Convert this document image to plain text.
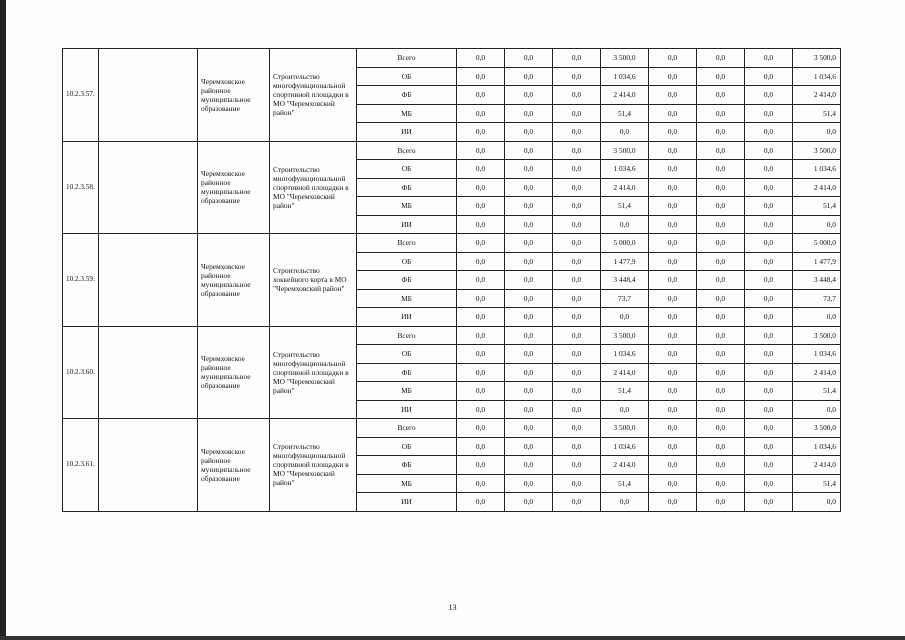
10.2.3.57.		Черемховское районное муниципальное образование	Строительство многофункциональной спортивной площадки в МО "Черемховский район"	Всего	0,0	0,0	0,0	3 500,0	0,0	0,0	0,0	3 500,0
				ОБ	0,0	0,0	0,0	1 034,6	0,0	0,0	0,0	1 034,6
				ФБ	0,0	0,0	0,0	2 414,0	0,0	0,0	0,0	2 414,0
				МБ	0,0	0,0	0,0	51,4	0,0	0,0	0,0	51,4
				ИИ	0,0	0,0	0,0	0,0	0,0	0,0	0,0	0,0
10.2.3.58.		Черемховское районное муниципальное образование	Строительство многофункциональной спортивной площадки в МО "Черемховский район"	Всего	0,0	0,0	0,0	3 500,0	0,0	0,0	0,0	3 500,0
				ОБ	0,0	0,0	0,0	1 034,6	0,0	0,0	0,0	1 034,6
				ФБ	0,0	0,0	0,0	2 414,0	0,0	0,0	0,0	2 414,0
				МБ	0,0	0,0	0,0	51,4	0,0	0,0	0,0	51,4
				ИИ	0,0	0,0	0,0	0,0	0,0	0,0	0,0	0,0
10.2.3.59.		Черемховское районное муниципальное образование	Строительство хоккейного корта в МО "Черемховский район"	Всего	0,0	0,0	0,0	5 000,0	0,0	0,0	0,0	5 000,0
				ОБ	0,0	0,0	0,0	1 477,9	0,0	0,0	0,0	1 477,9
				ФБ	0,0	0,0	0,0	3 448,4	0,0	0,0	0,0	3 448,4
				МБ	0,0	0,0	0,0	73,7	0,0	0,0	0,0	73,7
				ИИ	0,0	0,0	0,0	0,0	0,0	0,0	0,0	0,0
10.2.3.60.		Черемховское районное муниципальное образование	Строительство многофункциональной спортивной площадки в МО "Черемховский район"	Всего	0,0	0,0	0,0	3 500,0	0,0	0,0	0,0	3 500,0
				ОБ	0,0	0,0	0,0	1 034,6	0,0	0,0	0,0	1 034,6
				ФБ	0,0	0,0	0,0	2 414,0	0,0	0,0	0,0	2 414,0
				МБ	0,0	0,0	0,0	51,4	0,0	0,0	0,0	51,4
				ИИ	0,0	0,0	0,0	0,0	0,0	0,0	0,0	0,0
10.2.3.61.		Черемховское районное муниципальное образование	Строительство многофункциональной спортивной площадки в МО "Черемховский район"	Всего	0,0	0,0	0,0	3 500,0	0,0	0,0	0,0	3 500,0
				ОБ	0,0	0,0	0,0	1 034,6	0,0	0,0	0,0	1 034,6
				ФБ	0,0	0,0	0,0	2 414,0	0,0	0,0	0,0	2 414,0
				МБ	0,0	0,0	0,0	51,4	0,0	0,0	0,0	51,4
				ИИ	0,0	0,0	0,0	0,0	0,0	0,0	0,0	0,0
13
